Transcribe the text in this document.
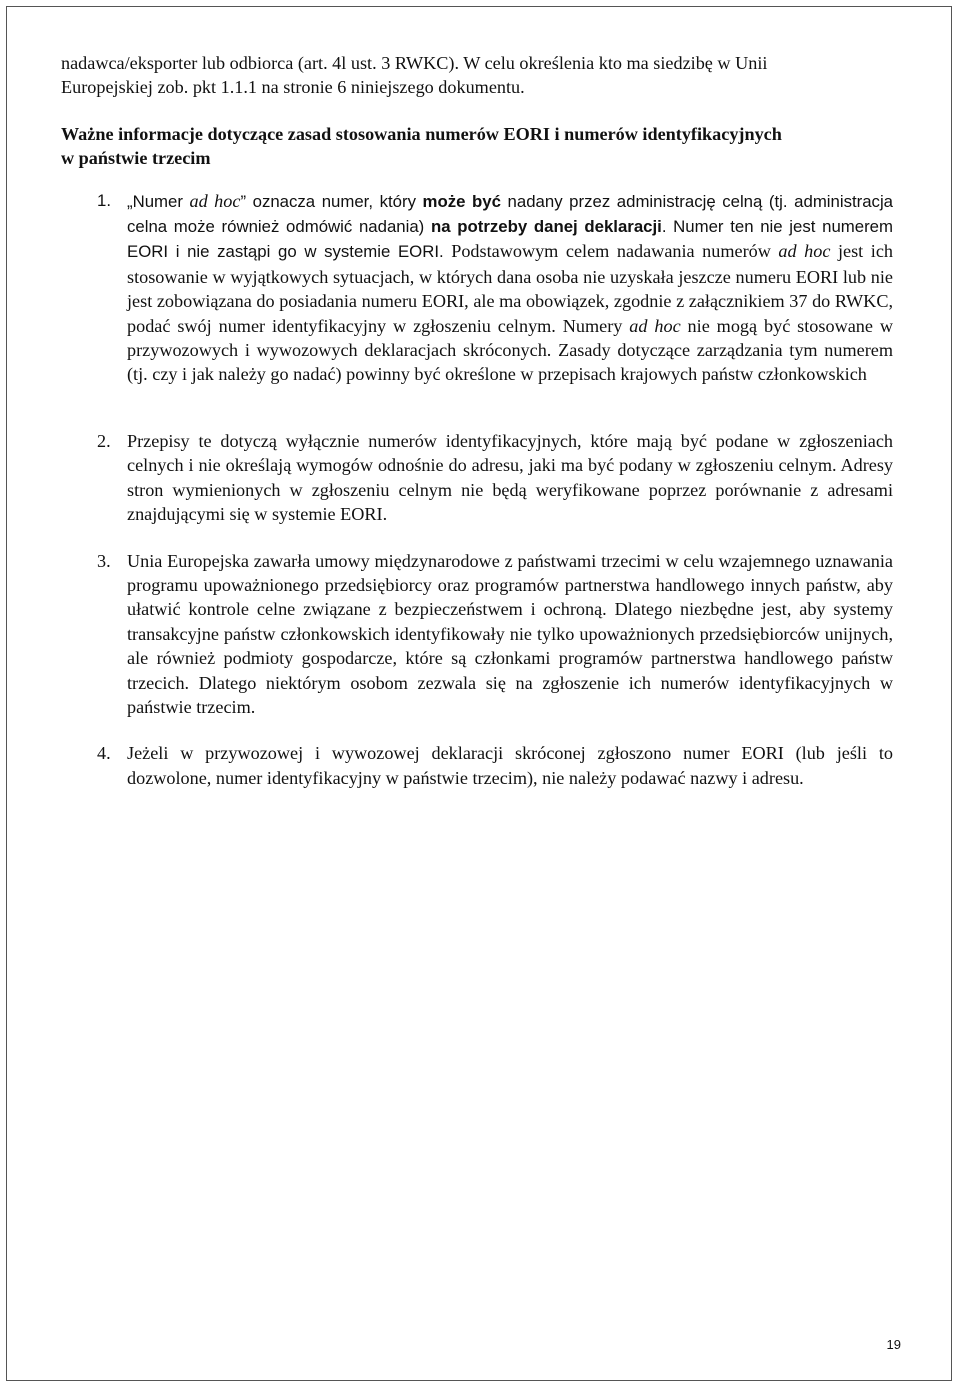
nadawca/eksporter lub odbiorca (art. 4l ust. 3 RWKC). W celu określenia kto ma siedzibę w Unii
Europejskiej zob. pkt 1.1.1 na stronie 6 niniejszego dokumentu.

Ważne informacje dotyczące zasad stosowania numerów EORI i numerów identyfikacyjnych
w państwie trzecim

1. „Numer ad hoc” oznacza numer, który może być nadany przez administrację celną (tj. administracja celna może również odmówić nadania) na potrzeby danej deklaracji. Numer ten nie jest numerem EORI i nie zastąpi go w systemie EORI. Podstawowym celem nadawania numerów ad hoc jest ich stosowanie w wyjątkowych sytuacjach, w których dana osoba nie uzyskała jeszcze numeru EORI lub nie jest zobowiązana do posiadania numeru EORI, ale ma obowiązek, zgodnie z załącznikiem 37 do RWKC, podać swój numer identyfikacyjny w zgłoszeniu celnym. Numery ad hoc nie mogą być stosowane w przywozowych i wywozowych deklaracjach skróconych. Zasady dotyczące zarządzania tym numerem (tj. czy i jak należy go nadać) powinny być określone w przepisach krajowych państw członkowskich

2. Przepisy te dotyczą wyłącznie numerów identyfikacyjnych, które mają być podane w zgłoszeniach celnych i nie określają wymogów odnośnie do adresu, jaki ma być podany w zgłoszeniu celnym. Adresy stron wymienionych w zgłoszeniu celnym nie będą weryfikowane poprzez porównanie z adresami znajdującymi się w systemie EORI.

3. Unia Europejska zawarła umowy międzynarodowe z państwami trzecimi w celu wzajemnego uznawania programu upoważnionego przedsiębiorcy oraz programów partnerstwa handlowego innych państw, aby ułatwić kontrole celne związane z bezpieczeństwem i ochroną. Dlatego niezbędne jest, aby systemy transakcyjne państw członkowskich identyfikowały nie tylko upoważnionych przedsiębiorców unijnych, ale również podmioty gospodarcze, które są członkami programów partnerstwa handlowego państw trzecich. Dlatego niektórym osobom zezwala się na zgłoszenie ich numerów identyfikacyjnych w państwie trzecim.

4. Jeżeli w przywozowej i wywozowej deklaracji skróconej zgłoszono numer EORI (lub jeśli to dozwolone, numer identyfikacyjny w państwie trzecim), nie należy podawać nazwy i adresu.

19
